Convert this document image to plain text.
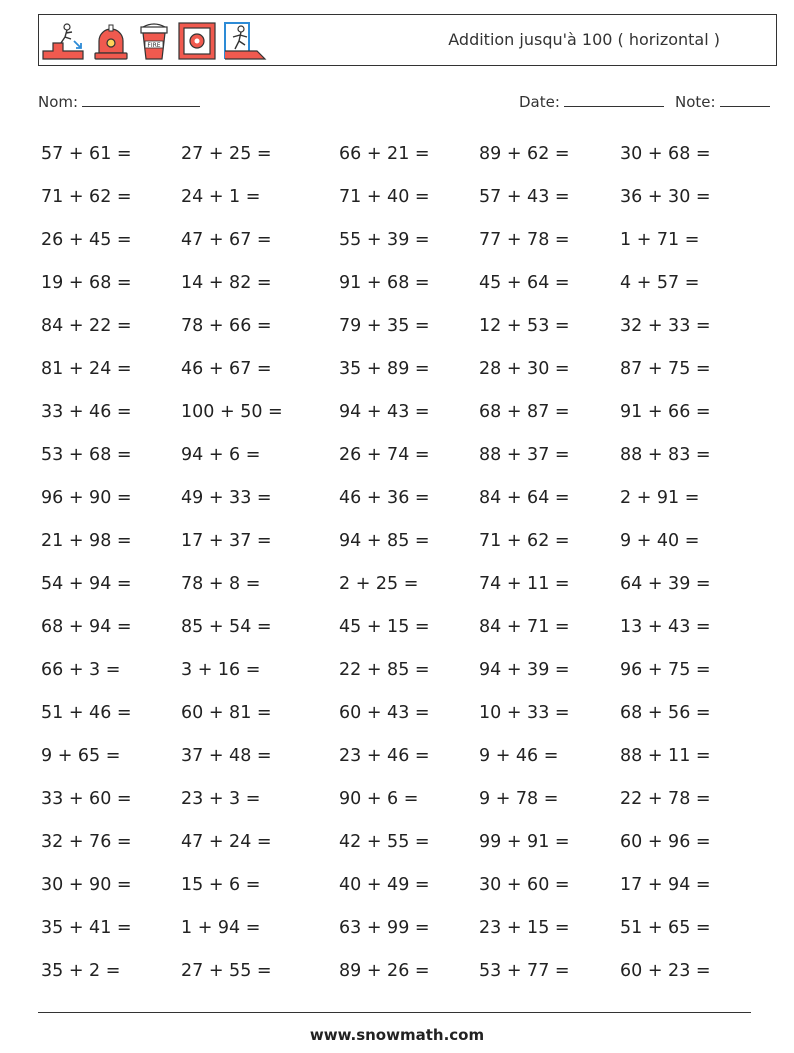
FIRE	Addition jusqu'à 100 ( horizontal )
Nom:	Date:	Note:
57 + 61 =	27 + 25 =	66 + 21 =	89 + 62 =	30 + 68 =
71 + 62 =	24 + 1 =	71 + 40 =	57 + 43 =	36 + 30 =
26 + 45 =	47 + 67 =	55 + 39 =	77 + 78 =	1 + 71 =
19 + 68 =	14 + 82 =	91 + 68 =	45 + 64 =	4 + 57 =
84 + 22 =	78 + 66 =	79 + 35 =	12 + 53 =	32 + 33 =
81 + 24 =	46 + 67 =	35 + 89 =	28 + 30 =	87 + 75 =
33 + 46 =	100 + 50 =	94 + 43 =	68 + 87 =	91 + 66 =
53 + 68 =	94 + 6 =	26 + 74 =	88 + 37 =	88 + 83 =
96 + 90 =	49 + 33 =	46 + 36 =	84 + 64 =	2 + 91 =
21 + 98 =	17 + 37 =	94 + 85 =	71 + 62 =	9 + 40 =
54 + 94 =	78 + 8 =	2 + 25 =	74 + 11 =	64 + 39 =
68 + 94 =	85 + 54 =	45 + 15 =	84 + 71 =	13 + 43 =
66 + 3 =	3 + 16 =	22 + 85 =	94 + 39 =	96 + 75 =
51 + 46 =	60 + 81 =	60 + 43 =	10 + 33 =	68 + 56 =
9 + 65 =	37 + 48 =	23 + 46 =	9 + 46 =	88 + 11 =
33 + 60 =	23 + 3 =	90 + 6 =	9 + 78 =	22 + 78 =
32 + 76 =	47 + 24 =	42 + 55 =	99 + 91 =	60 + 96 =
30 + 90 =	15 + 6 =	40 + 49 =	30 + 60 =	17 + 94 =
35 + 41 =	1 + 94 =	63 + 99 =	23 + 15 =	51 + 65 =
35 + 2 =	27 + 55 =	89 + 26 =	53 + 77 =	60 + 23 =
www.snowmath.com
